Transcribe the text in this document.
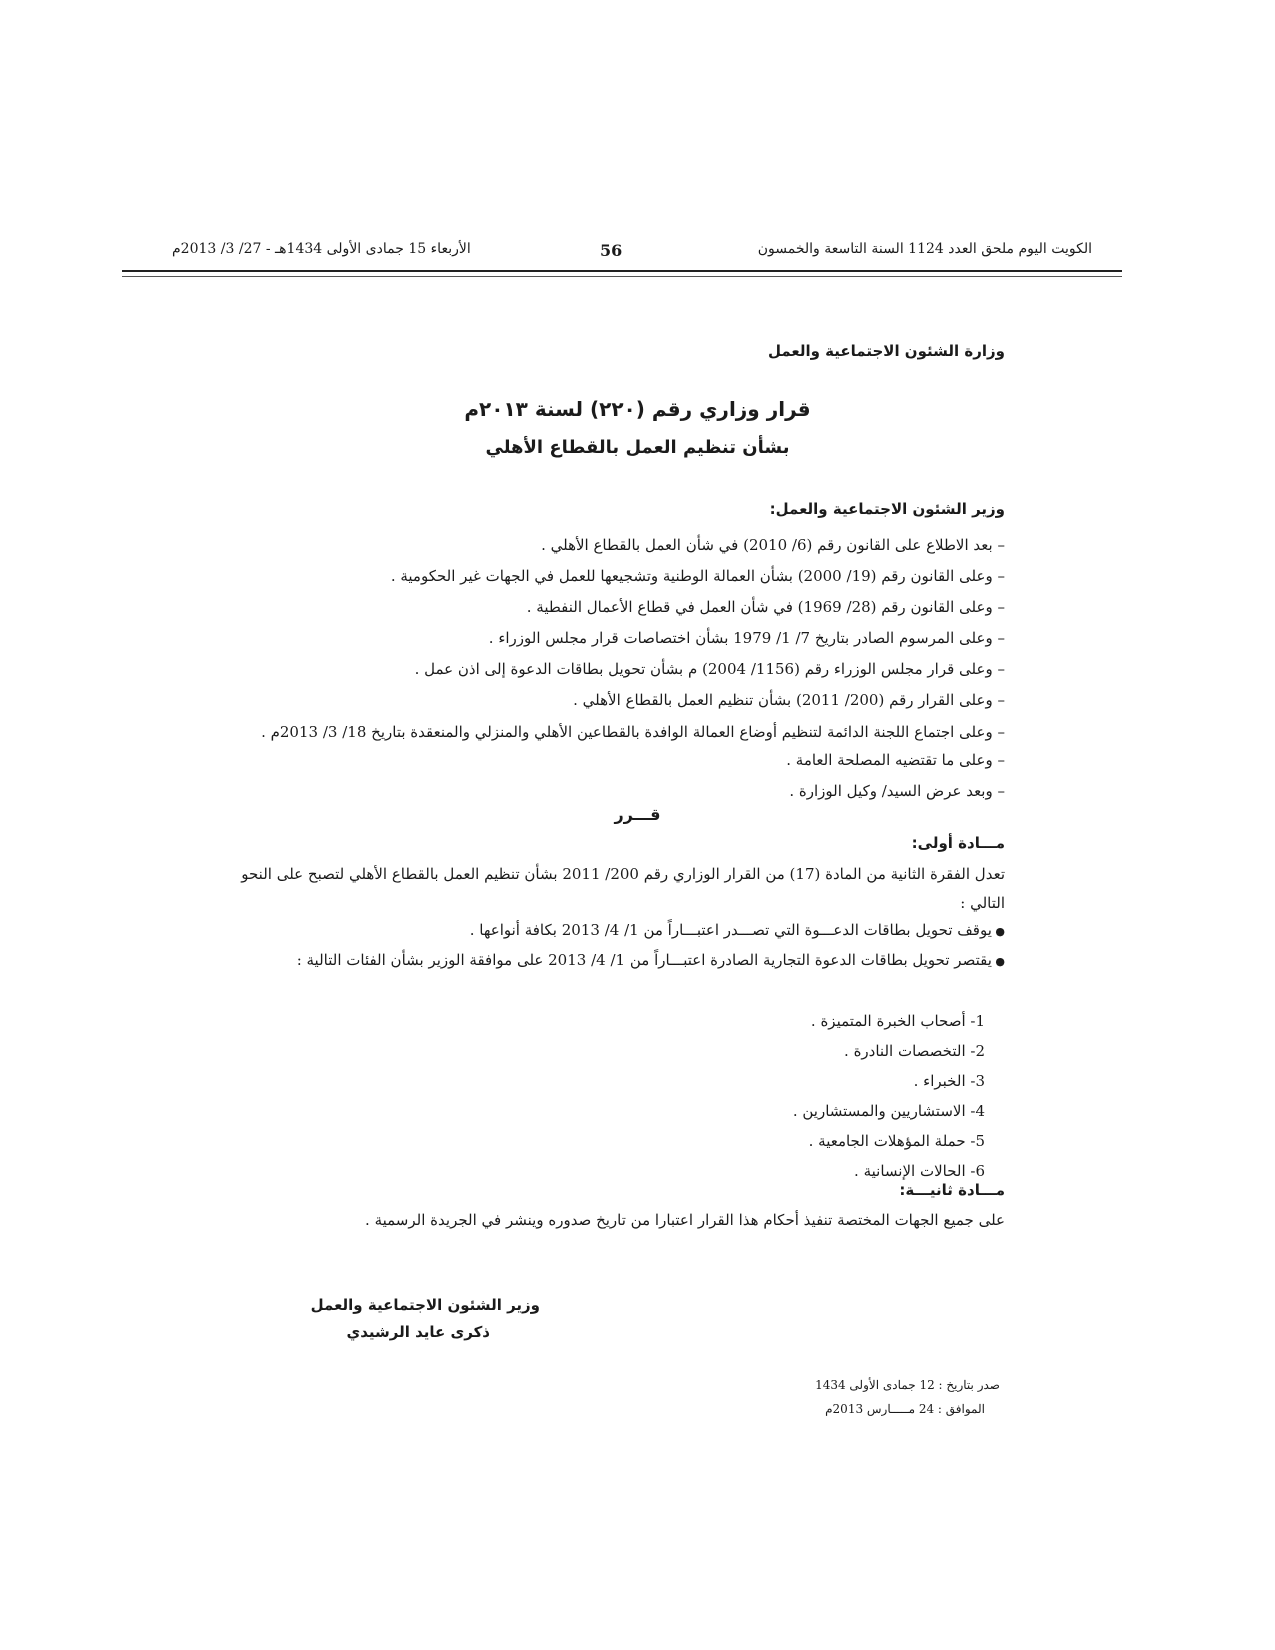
الكويت اليوم ملحق العدد 1124 السنة التاسعة والخمسون
56
الأربعاء 15 جمادى الأولى 1434هـ - 27/ 3/ 2013م
وزارة الشئون الاجتماعية والعمل
قرار وزاري رقم (٢٢٠) لسنة ٢٠١٣م
بشأن تنظيم العمل بالقطاع الأهلي
وزير الشئون الاجتماعية والعمل:
– بعد الاطلاع على القانون رقم (6/ 2010) في شأن العمل بالقطاع الأهلي .
– وعلى القانون رقم (19/ 2000) بشأن العمالة الوطنية وتشجيعها للعمل في الجهات غير الحكومية .
– وعلى القانون رقم (28/ 1969) في شأن العمل في قطاع الأعمال النفطية .
– وعلى المرسوم الصادر بتاريخ 7/ 1/ 1979 بشأن اختصاصات قرار مجلس الوزراء .
– وعلى قرار مجلس الوزراء رقم (1156/ 2004) م بشأن تحويل بطاقات الدعوة إلى اذن عمل .
– وعلى القرار رقم (200/ 2011) بشأن تنظيم العمل بالقطاع الأهلي .
– وعلى اجتماع اللجنة الدائمة لتنظيم أوضاع العمالة الوافدة بالقطاعين الأهلي والمنزلي والمنعقدة بتاريخ 18/ 3/ 2013م .
– وعلى ما تقتضيه المصلحة العامة .
– وبعد عرض السيد/ وكيل الوزارة .
قـــرر
مـــادة أولى:
تعدل الفقرة الثانية من المادة (17) من القرار الوزاري رقم 200/ 2011 بشأن تنظيم العمل بالقطاع الأهلي لتصبح على النحو التالي :
● يوقف تحويل بطاقات الدعـــوة التي تصـــدر اعتبـــاراً من 1/ 4/ 2013 بكافة أنواعها .
● يقتصر تحويل بطاقات الدعوة التجارية الصادرة اعتبـــاراً من 1/ 4/ 2013 على موافقة الوزير بشأن الفئات التالية :
1- أصحاب الخبرة المتميزة .
2- التخصصات النادرة .
3- الخبراء .
4- الاستشاريين والمستشارين .
5- حملة المؤهلات الجامعية .
6- الحالات الإنسانية .
مـــادة ثانيـــة:
على جميع الجهات المختصة تنفيذ أحكام هذا القرار اعتبارا من تاريخ صدوره وينشر في الجريدة الرسمية .
وزير الشئون الاجتماعية والعمل
ذكرى عايد الرشيدي
صدر بتاريخ : 12 جمادى الأولى 1434
الموافق : 24 مـــــارس 2013م
